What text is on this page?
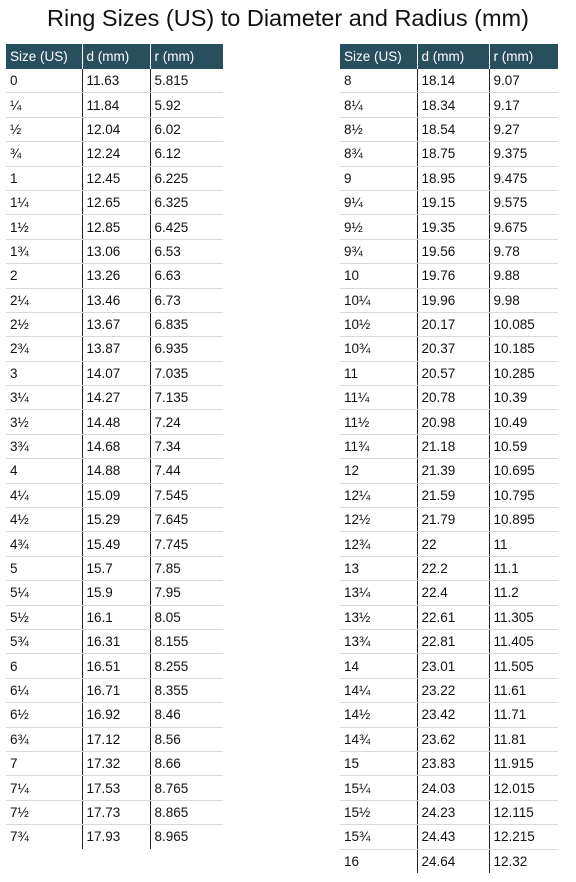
Ring Sizes (US) to Diameter and Radius (mm)
Size (US)	d (mm)	r (mm)
0	11.63	5.815
¼	11.84	5.92
½	12.04	6.02
¾	12.24	6.12
1	12.45	6.225
1¼	12.65	6.325
1½	12.85	6.425
1¾	13.06	6.53
2	13.26	6.63
2¼	13.46	6.73
2½	13.67	6.835
2¾	13.87	6.935
3	14.07	7.035
3¼	14.27	7.135
3½	14.48	7.24
3¾	14.68	7.34
4	14.88	7.44
4¼	15.09	7.545
4½	15.29	7.645
4¾	15.49	7.745
5	15.7	7.85
5¼	15.9	7.95
5½	16.1	8.05
5¾	16.31	8.155
6	16.51	8.255
6¼	16.71	8.355
6½	16.92	8.46
6¾	17.12	8.56
7	17.32	8.66
7¼	17.53	8.765
7½	17.73	8.865
7¾	17.93	8.965
Size (US)	d (mm)	r (mm)
8	18.14	9.07
8¼	18.34	9.17
8½	18.54	9.27
8¾	18.75	9.375
9	18.95	9.475
9¼	19.15	9.575
9½	19.35	9.675
9¾	19.56	9.78
10	19.76	9.88
10¼	19.96	9.98
10½	20.17	10.085
10¾	20.37	10.185
11	20.57	10.285
11¼	20.78	10.39
11½	20.98	10.49
11¾	21.18	10.59
12	21.39	10.695
12¼	21.59	10.795
12½	21.79	10.895
12¾	22	11
13	22.2	11.1
13¼	22.4	11.2
13½	22.61	11.305
13¾	22.81	11.405
14	23.01	11.505
14¼	23.22	11.61
14½	23.42	11.71
14¾	23.62	11.81
15	23.83	11.915
15¼	24.03	12.015
15½	24.23	12.115
15¾	24.43	12.215
16	24.64	12.32
